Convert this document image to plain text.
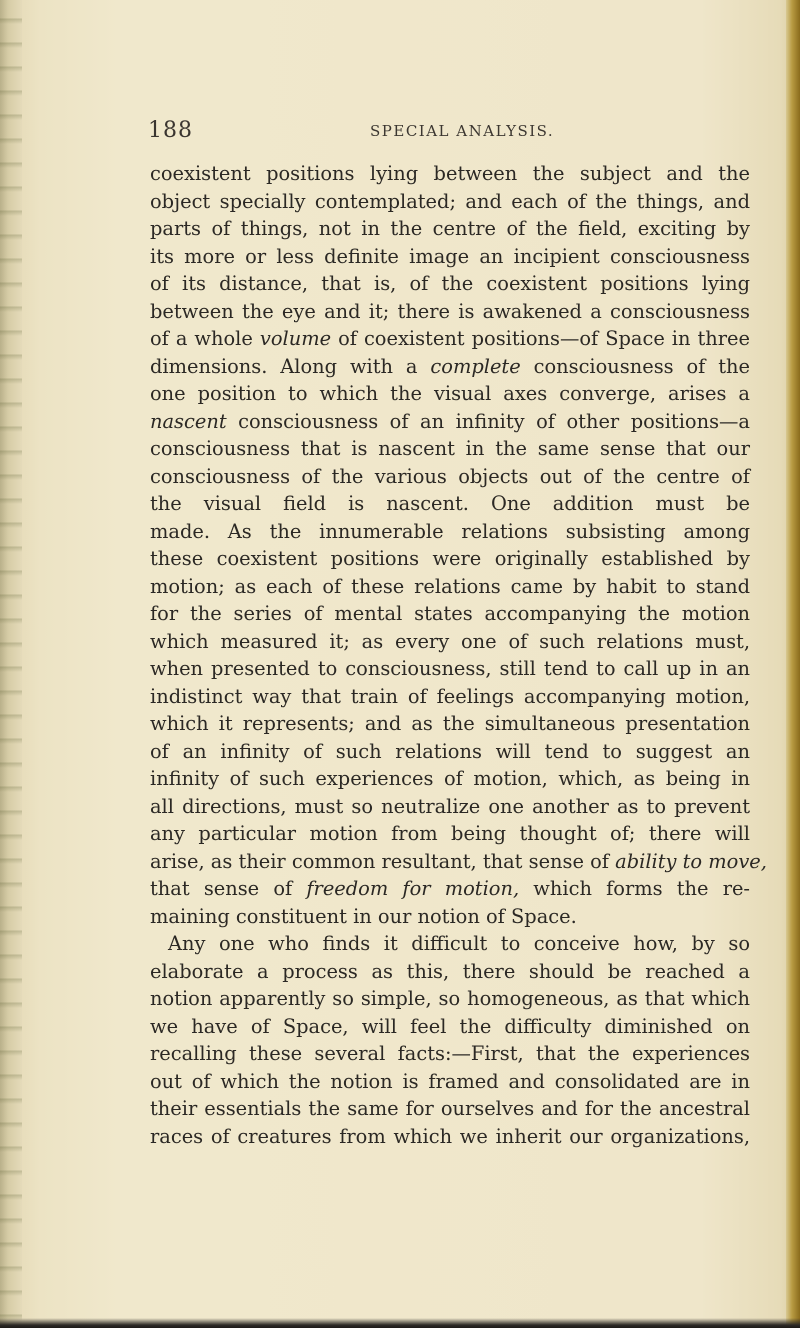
188	SPECIAL ANALYSIS.
coexistent positions lying between the subject and the
object specially contemplated; and each of the things, and
parts of things, not in the centre of the field, exciting by
its more or less definite image an incipient consciousness
of its distance, that is, of the coexistent positions lying
between the eye and it; there is awakened a consciousness
of a whole volume of coexistent positions—of Space in three
dimensions. Along with a complete consciousness of the
one position to which the visual axes converge, arises a
nascent consciousness of an infinity of other positions—a
consciousness that is nascent in the same sense that our
consciousness of the various objects out of the centre of
the visual field is nascent. One addition must be
made. As the innumerable relations subsisting among
these coexistent positions were originally established by
motion; as each of these relations came by habit to stand
for the series of mental states accompanying the motion
which measured it; as every one of such relations must,
when presented to consciousness, still tend to call up in an
indistinct way that train of feelings accompanying motion,
which it represents; and as the simultaneous presentation
of an infinity of such relations will tend to suggest an
infinity of such experiences of motion, which, as being in
all directions, must so neutralize one another as to prevent
any particular motion from being thought of; there will
arise, as their common resultant, that sense of ability to move,
that sense of freedom for motion, which forms the re-
maining constituent in our notion of Space.
Any one who finds it difficult to conceive how, by so
elaborate a process as this, there should be reached a
notion apparently so simple, so homogeneous, as that which
we have of Space, will feel the difficulty diminished on
recalling these several facts:—First, that the experiences
out of which the notion is framed and consolidated are in
their essentials the same for ourselves and for the ancestral
races of creatures from which we inherit our organizations,
